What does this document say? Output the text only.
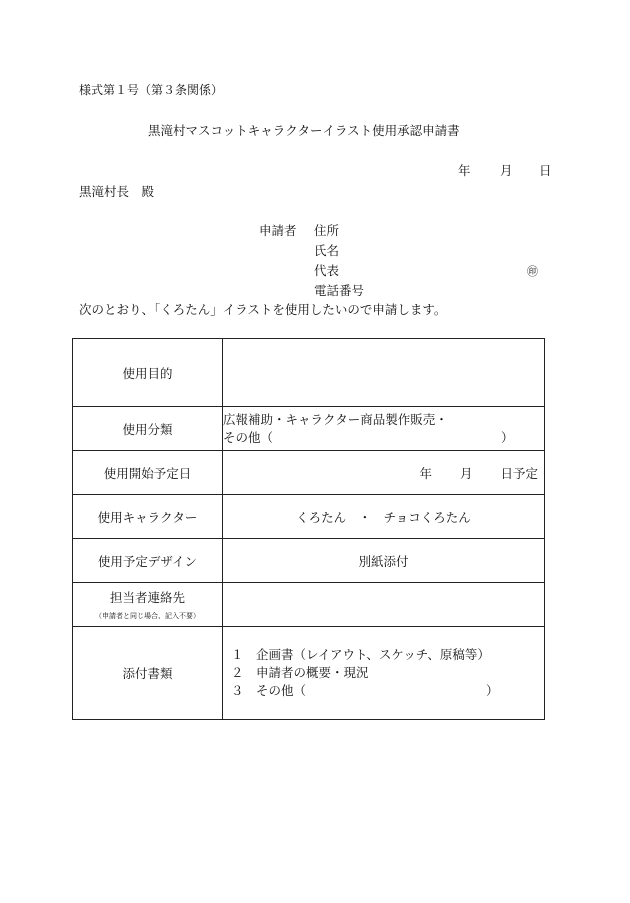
様式第１号（第３条関係）
黒滝村マスコットキャラクターイラスト使用承認申請書
年 月 日
黒滝村長　殿
申請者 住所
氏名
代表	㊞
電話番号
次のとおり、「くろたん」イラストを使用したいので申請します。
使用目的	
使用分類	広報補助・キャラクター商品製作販売・
その他（ ）

使用開始予定日	年 月 日予定
使用キャラクター	くろたん　・　チョコくろたん
使用予定デザイン	別紙添付
担当者連絡先
（申請者と同じ場合、記入不要）	

添付書類	１　企画書（レイアウト、スケッチ、原稿等）
２　申請者の概要・現況
３　その他（ ）
